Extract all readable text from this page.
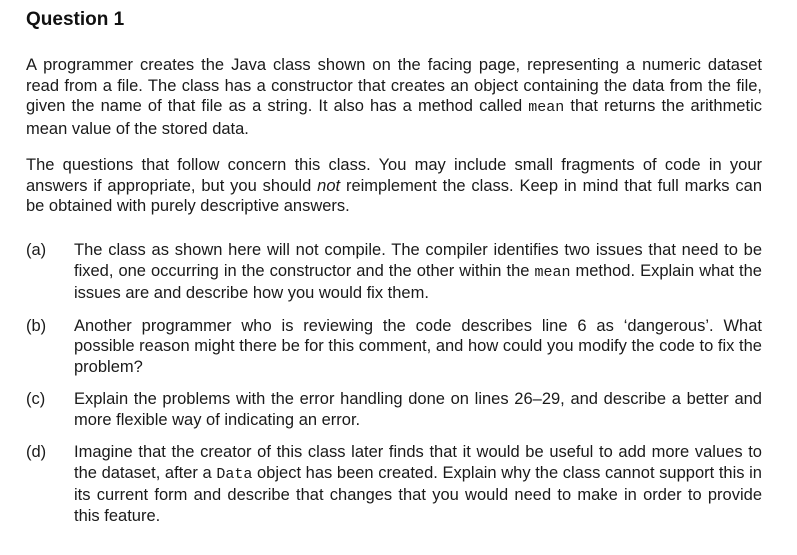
Question 1

A programmer creates the Java class shown on the facing page, representing a numeric dataset read from a file. The class has a constructor that creates an object containing the data from the file, given the name of that file as a string. It also has a method called mean that returns the arithmetic mean value of the stored data.

The questions that follow concern this class. You may include small fragments of code in your answers if appropriate, but you should not reimplement the class. Keep in mind that full marks can be obtained with purely descriptive answers.

(a) The class as shown here will not compile. The compiler identifies two issues that need to be fixed, one occurring in the constructor and the other within the mean method. Explain what the issues are and describe how you would fix them.
(b) Another programmer who is reviewing the code describes line 6 as ‘dangerous’. What possible reason might there be for this comment, and how could you modify the code to fix the problem?
(c) Explain the problems with the error handling done on lines 26–29, and describe a better and more flexible way of indicating an error.
(d) Imagine that the creator of this class later finds that it would be useful to add more values to the dataset, after a Data object has been created. Explain why the class cannot support this in its current form and describe that changes that you would need to make in order to provide this feature.
